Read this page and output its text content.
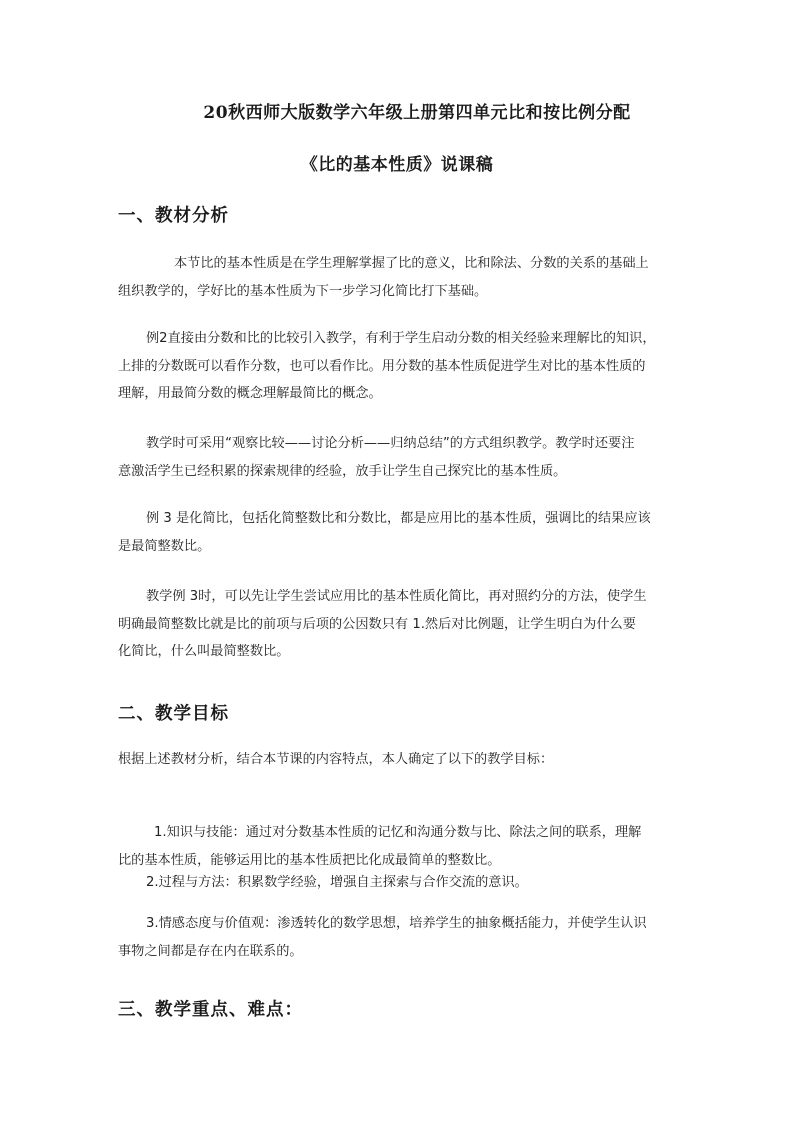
20秋西师大版数学六年级上册第四单元比和按比例分配
《比的基本性质》说课稿
一、教材分析
本节比的基本性质是在学生理解掌握了比的意义，比和除法、分数的关系的基础上
组织教学的，学好比的基本性质为下一步学习化简比打下基础。
例2直接由分数和比的比较引入教学，有利于学生启动分数的相关经验来理解比的知识，
上排的分数既可以看作分数，也可以看作比。用分数的基本性质促进学生对比的基本性质的
理解，用最简分数的概念理解最简比的概念。
教学时可采用“观察比较——讨论分析——归纳总结”的方式组织教学。教学时还要注
意激活学生已经积累的探索规律的经验，放手让学生自己探究比的基本性质。
例 3 是化简比，包括化简整数比和分数比，都是应用比的基本性质，强调比的结果应该
是最简整数比。
教学例 3时，可以先让学生尝试应用比的基本性质化简比，再对照约分的方法，使学生
明确最简整数比就是比的前项与后项的公因数只有 1.然后对比例题，让学生明白为什么要
化简比，什么叫最简整数比。
二、教学目标
根据上述教材分析，结合本节课的内容特点，本人确定了以下的教学目标：
1.知识与技能：通过对分数基本性质的记忆和沟通分数与比、除法之间的联系，理解
比的基本性质，能够运用比的基本性质把比化成最简单的整数比。
2.过程与方法：积累数学经验，增强自主探索与合作交流的意识。
3.情感态度与价值观：渗透转化的数学思想，培养学生的抽象概括能力，并使学生认识
事物之间都是存在内在联系的。
三、教学重点、难点：
